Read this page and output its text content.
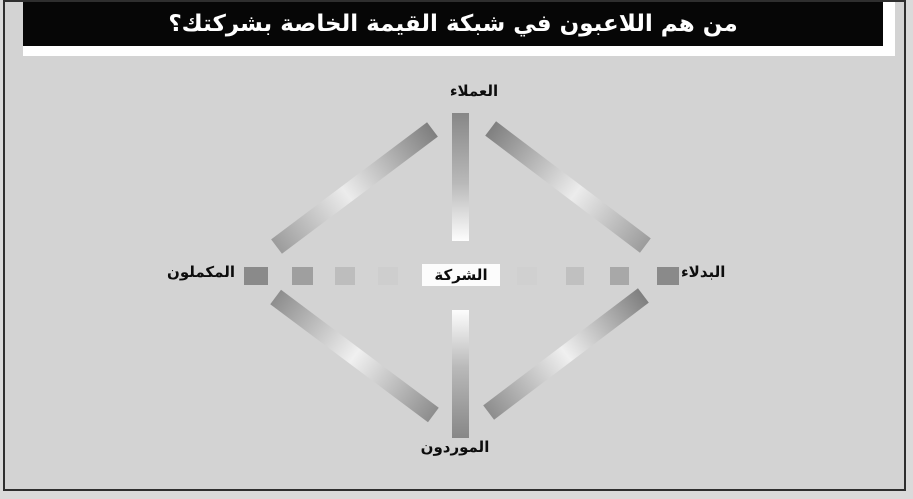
من هم اللاعبون في شبكة القيمة الخاصة بشركتك؟
العملاء
البدلاء
الموردون
المكملون	الشركة
